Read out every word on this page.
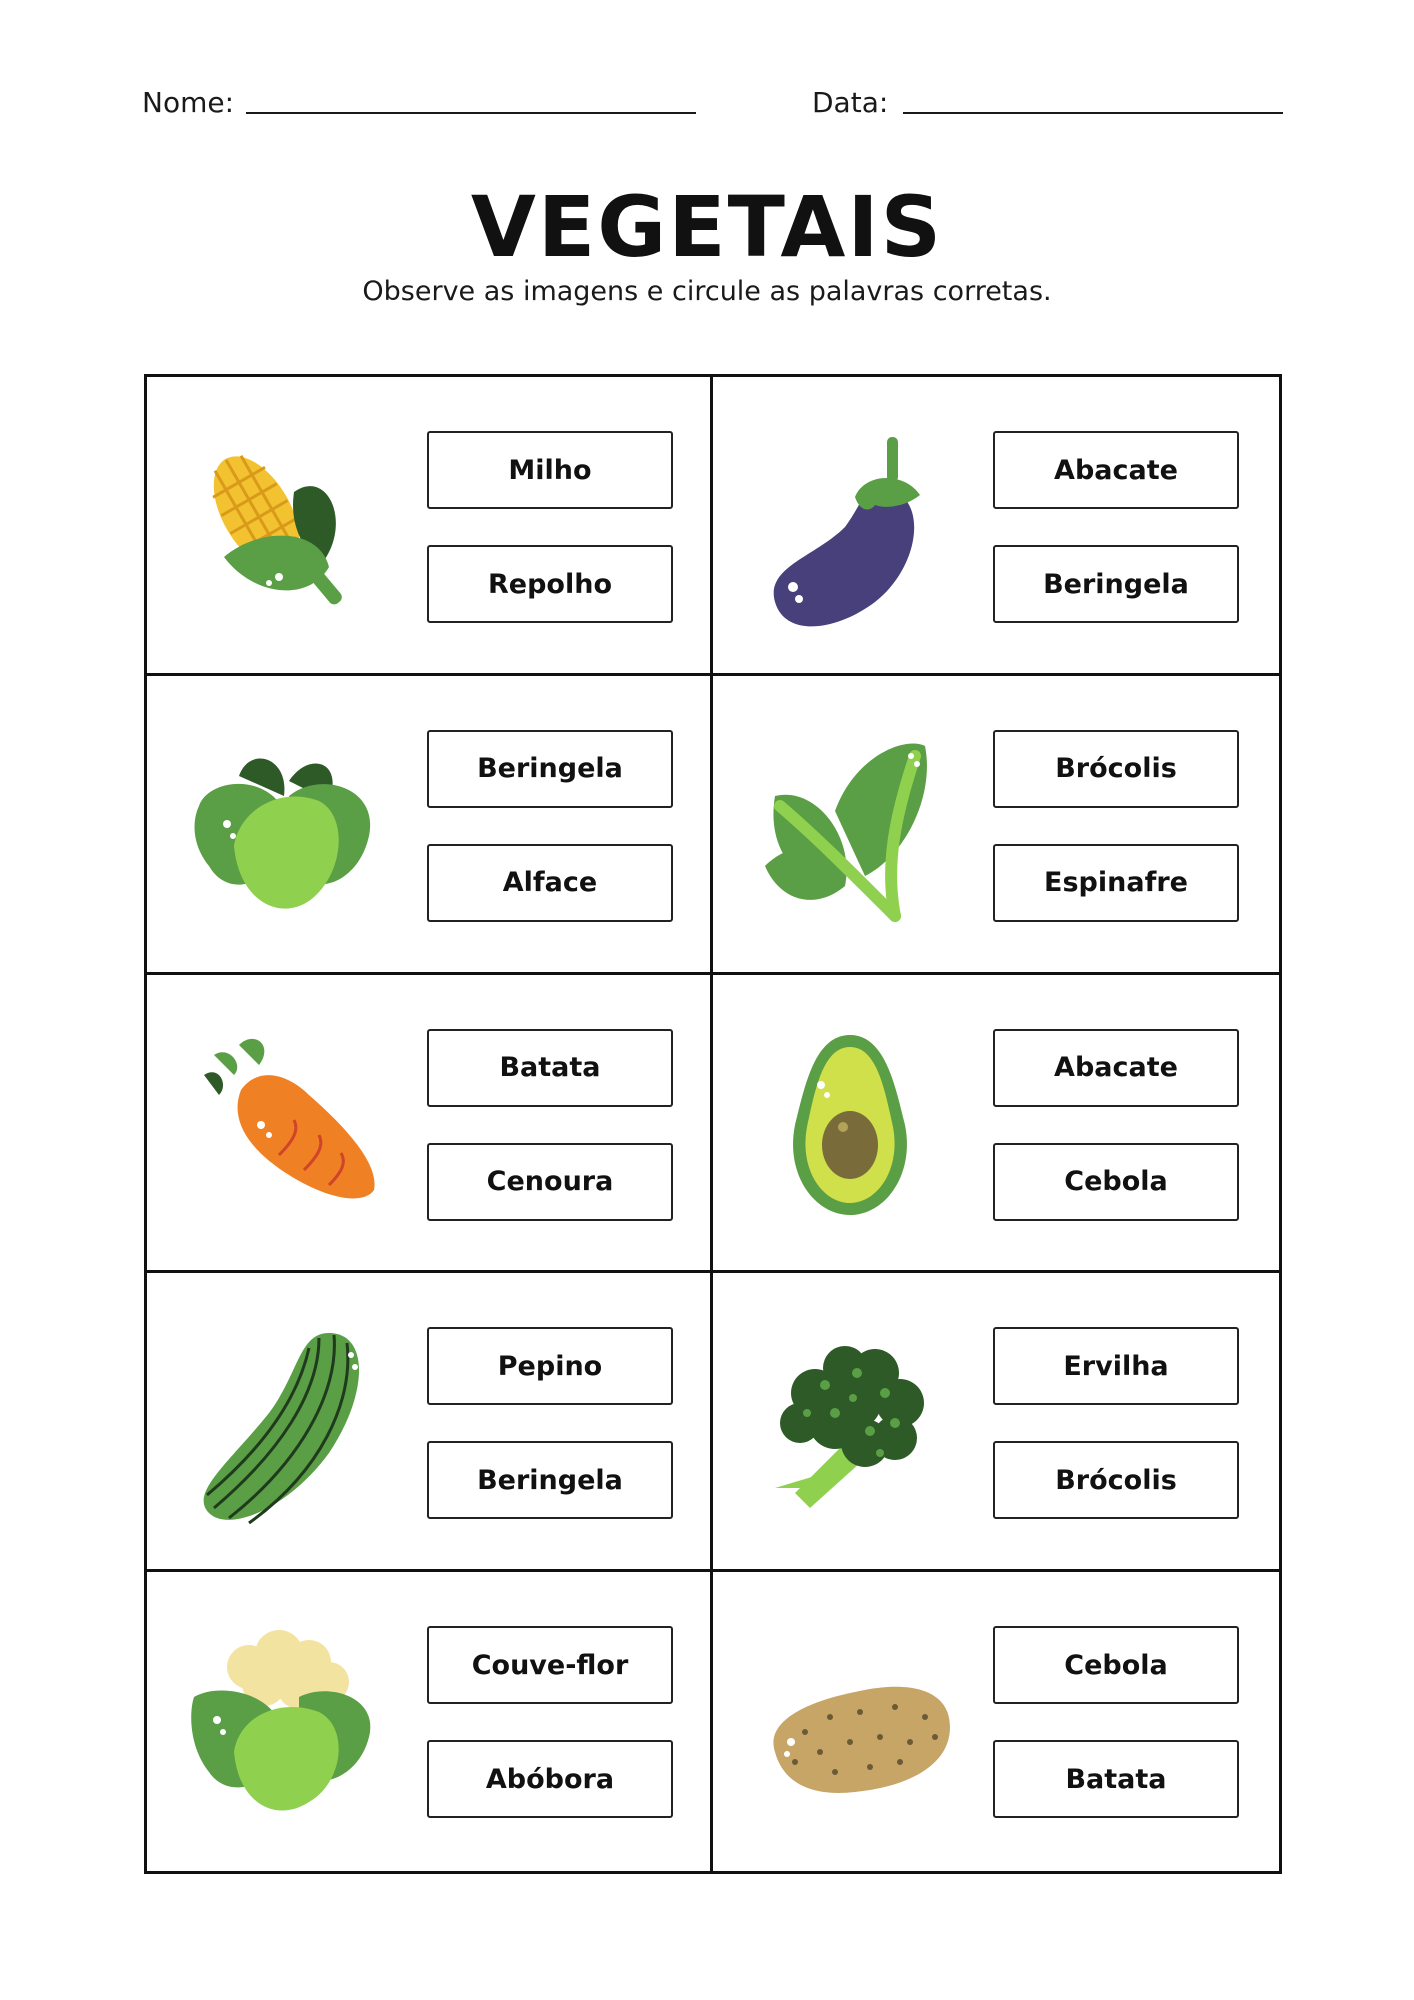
Nome:	Data:
VEGETAIS
Observe as imagens e circule as palavras corretas.
Milho
Repolho
Abacate
Beringela
Beringela
Alface
Brócolis
Espinafre
Batata
Cenoura
Abacate
Cebola
Pepino
Beringela
Ervilha
Brócolis
Couve-flor
Abóbora
Cebola
Batata
